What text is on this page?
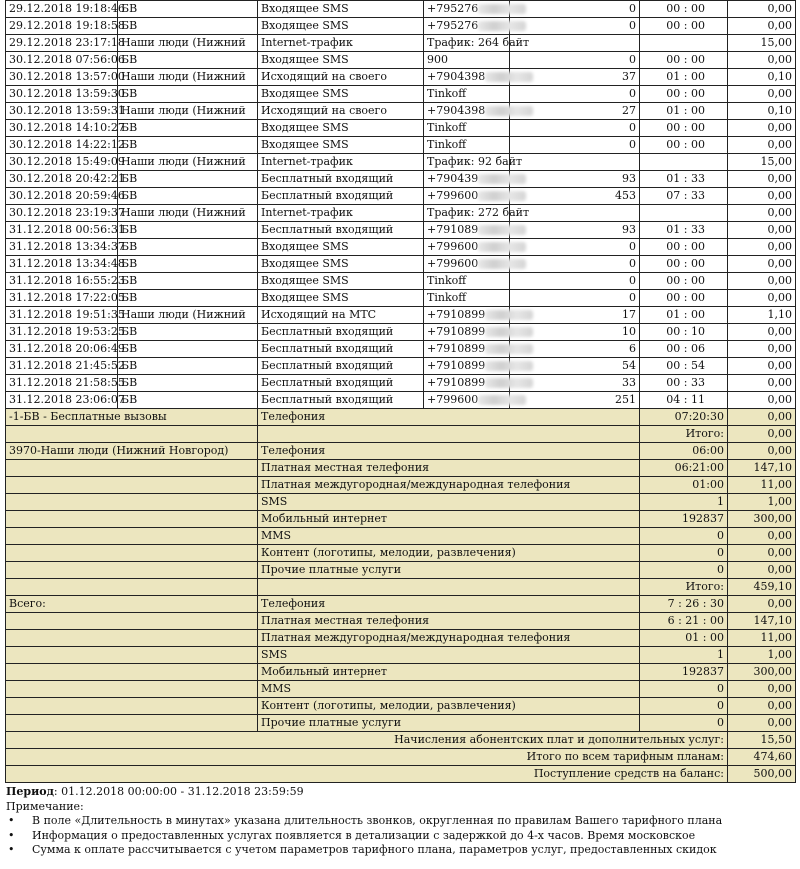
29.12.2018 19:18:46	БВ	Входящее SMS	+795276	0	00 : 00	0,00
29.12.2018 19:18:58	БВ	Входящее SMS	+795276	0	00 : 00	0,00
29.12.2018 23:17:18	Наши люди (Нижний	Internet-трафик	Трафик: 264 байт			15,00
30.12.2018 07:56:06	БВ	Входящее SMS	900	0	00 : 00	0,00
30.12.2018 13:57:00	Наши люди (Нижний	Исходящий на своего	+7904398	37	01 : 00	0,10
30.12.2018 13:59:30	БВ	Входящее SMS	Tinkoff	0	00 : 00	0,00
30.12.2018 13:59:31	Наши люди (Нижний	Исходящий на своего	+7904398	27	01 : 00	0,10
30.12.2018 14:10:27	БВ	Входящее SMS	Tinkoff	0	00 : 00	0,00
30.12.2018 14:22:12	БВ	Входящее SMS	Tinkoff	0	00 : 00	0,00
30.12.2018 15:49:09	Наши люди (Нижний	Internet-трафик	Трафик: 92 байт			15,00
30.12.2018 20:42:21	БВ	Бесплатный входящий	+790439	93	01 : 33	0,00
30.12.2018 20:59:46	БВ	Бесплатный входящий	+799600	453	07 : 33	0,00
30.12.2018 23:19:37	Наши люди (Нижний	Internet-трафик	Трафик: 272 байт			0,00
31.12.2018 00:56:31	БВ	Бесплатный входящий	+791089	93	01 : 33	0,00
31.12.2018 13:34:37	БВ	Входящее SMS	+799600	0	00 : 00	0,00
31.12.2018 13:34:48	БВ	Входящее SMS	+799600	0	00 : 00	0,00
31.12.2018 16:55:23	БВ	Входящее SMS	Tinkoff	0	00 : 00	0,00
31.12.2018 17:22:05	БВ	Входящее SMS	Tinkoff	0	00 : 00	0,00
31.12.2018 19:51:35	Наши люди (Нижний	Исходящий на МТС	+7910899	17	01 : 00	1,10
31.12.2018 19:53:25	БВ	Бесплатный входящий	+7910899	10	00 : 10	0,00
31.12.2018 20:06:49	БВ	Бесплатный входящий	+7910899	6	00 : 06	0,00
31.12.2018 21:45:52	БВ	Бесплатный входящий	+7910899	54	00 : 54	0,00
31.12.2018 21:58:55	БВ	Бесплатный входящий	+7910899	33	00 : 33	0,00
31.12.2018 23:06:07	БВ	Бесплатный входящий	+799600	251	04 : 11	0,00
-1-БВ - Бесплатные вызовы		Телефония			07:20:30	0,00
					Итого:	0,00
3970-Наши люди (Нижний Новгород)		Телефония			06:00	0,00
		Платная местная телефония			06:21:00	147,10
		Платная междугородная/международная телефония			01:00	11,00
		SMS			1	1,00
		Мобильный интернет			192837	300,00
		MMS			0	0,00
		Контент (логотипы, мелодии, развлечения)			0	0,00
		Прочие платные услуги			0	0,00
					Итого:	459,10
Всего:		Телефония			7 : 26 : 30	0,00
		Платная местная телефония			6 : 21 : 00	147,10
		Платная междугородная/международная телефония			01 : 00	11,00
		SMS			1	1,00
		Мобильный интернет			192837	300,00
		MMS			0	0,00
		Контент (логотипы, мелодии, развлечения)			0	0,00
		Прочие платные услуги			0	0,00
Начисления абонентских плат и дополнительных услуг:						15,50
Итого по всем тарифным планам:						474,60
Поступление средств на баланс:						500,00
Период: 01.12.2018 00:00:00 - 31.12.2018 23:59:59
Примечание:
• В поле «Длительность в минутах» указана длительность звонков, округленная по правилам Вашего тарифного плана
• Информация о предоставленных услугах появляется в детализации с задержкой до 4-х часов. Время московское
• Сумма к оплате рассчитывается с учетом параметров тарифного плана, параметров услуг, предоставленных скидок
